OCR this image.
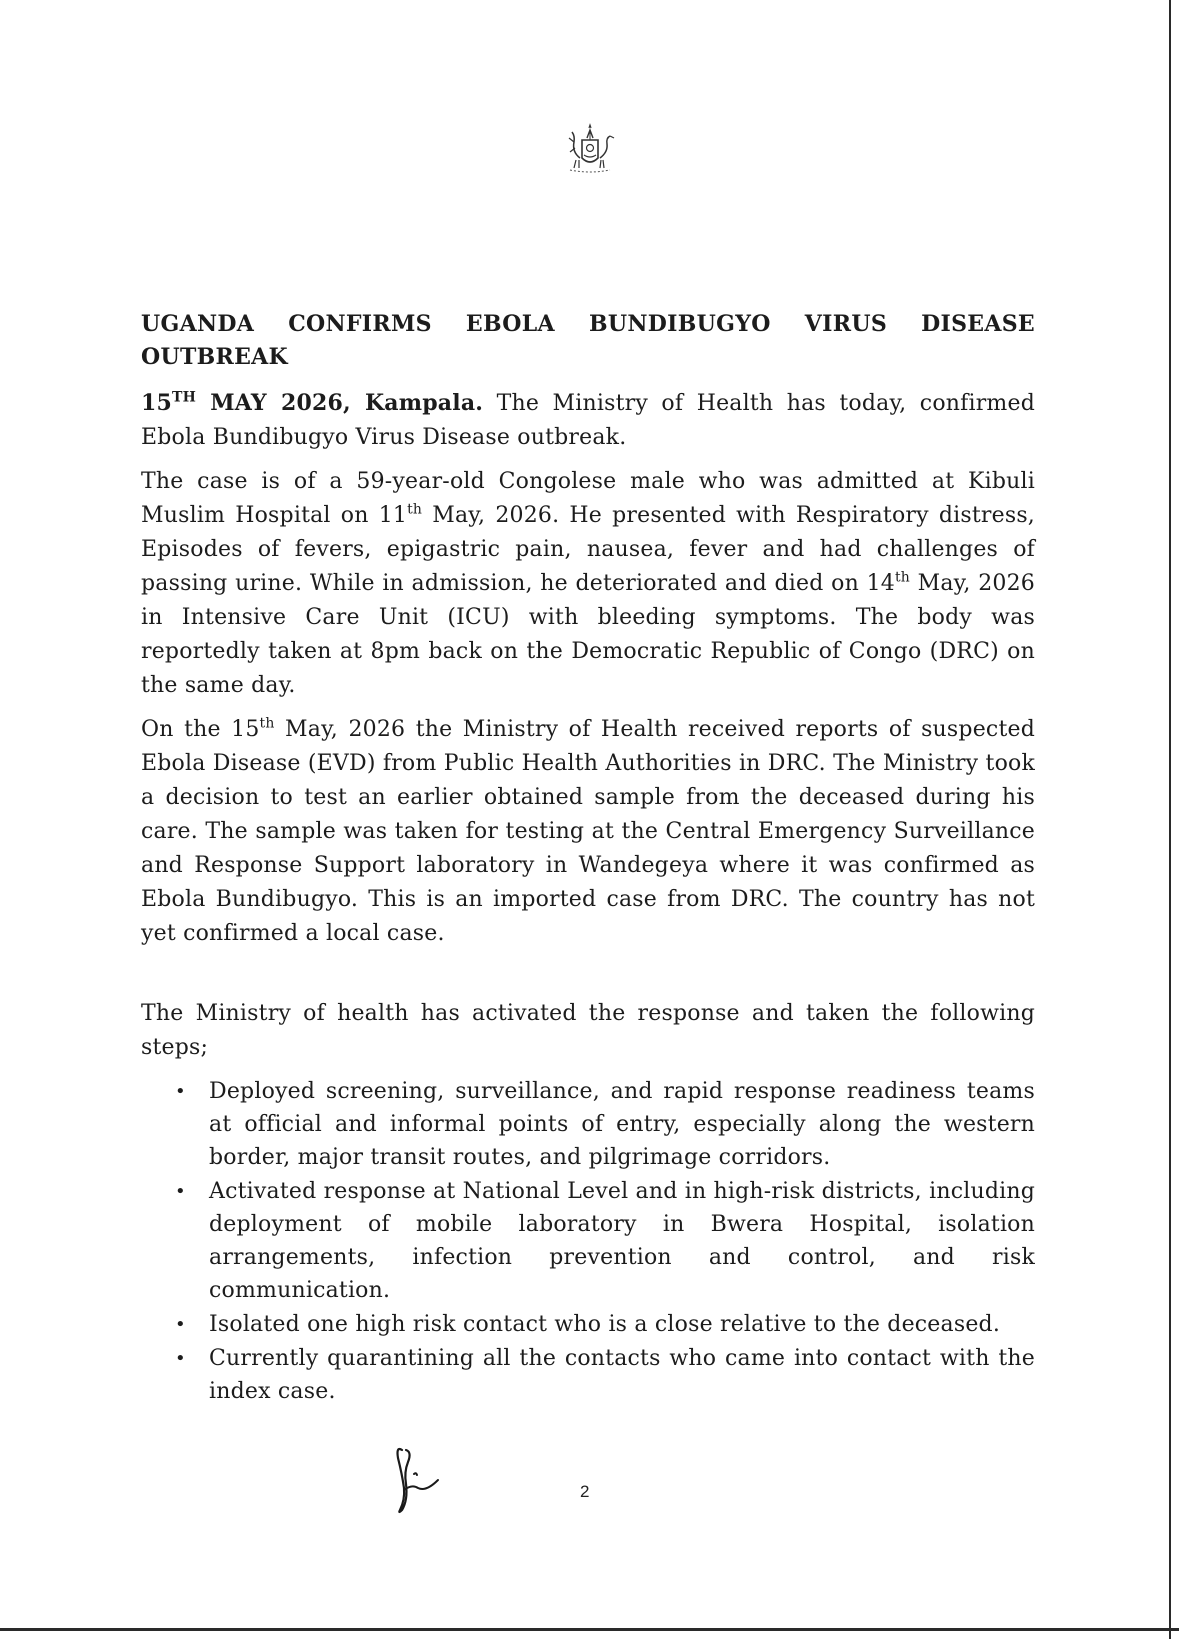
UGANDA CONFIRMS EBOLA BUNDIBUGYO VIRUS DISEASE
OUTBREAK

15TH MAY 2026, Kampala. The Ministry of Health has today, confirmed Ebola Bundibugyo Virus Disease outbreak.

The case is of a 59-year-old Congolese male who was admitted at Kibuli Muslim Hospital on 11th May, 2026. He presented with Respiratory distress, Episodes of fevers, epigastric pain, nausea, fever and had challenges of passing urine. While in admission, he deteriorated and died on 14th May, 2026 in Intensive Care Unit (ICU) with bleeding symptoms. The body was reportedly taken at 8pm back on the Democratic Republic of Congo (DRC) on the same day.

On the 15th May, 2026 the Ministry of Health received reports of suspected Ebola Disease (EVD) from Public Health Authorities in DRC. The Ministry took a decision to test an earlier obtained sample from the deceased during his care. The sample was taken for testing at the Central Emergency Surveillance and Response Support laboratory in Wandegeya where it was confirmed as Ebola Bundibugyo. This is an imported case from DRC. The country has not yet confirmed a local case.

The Ministry of health has activated the response and taken the following steps;

• Deployed screening, surveillance, and rapid response readiness teams at official and informal points of entry, especially along the western border, major transit routes, and pilgrimage corridors.
• Activated response at National Level and in high-risk districts, including deployment of mobile laboratory in Bwera Hospital, isolation arrangements, infection prevention and control, and risk communication.
• Isolated one high risk contact who is a close relative to the deceased.
• Currently quarantining all the contacts who came into contact with the index case.
2
